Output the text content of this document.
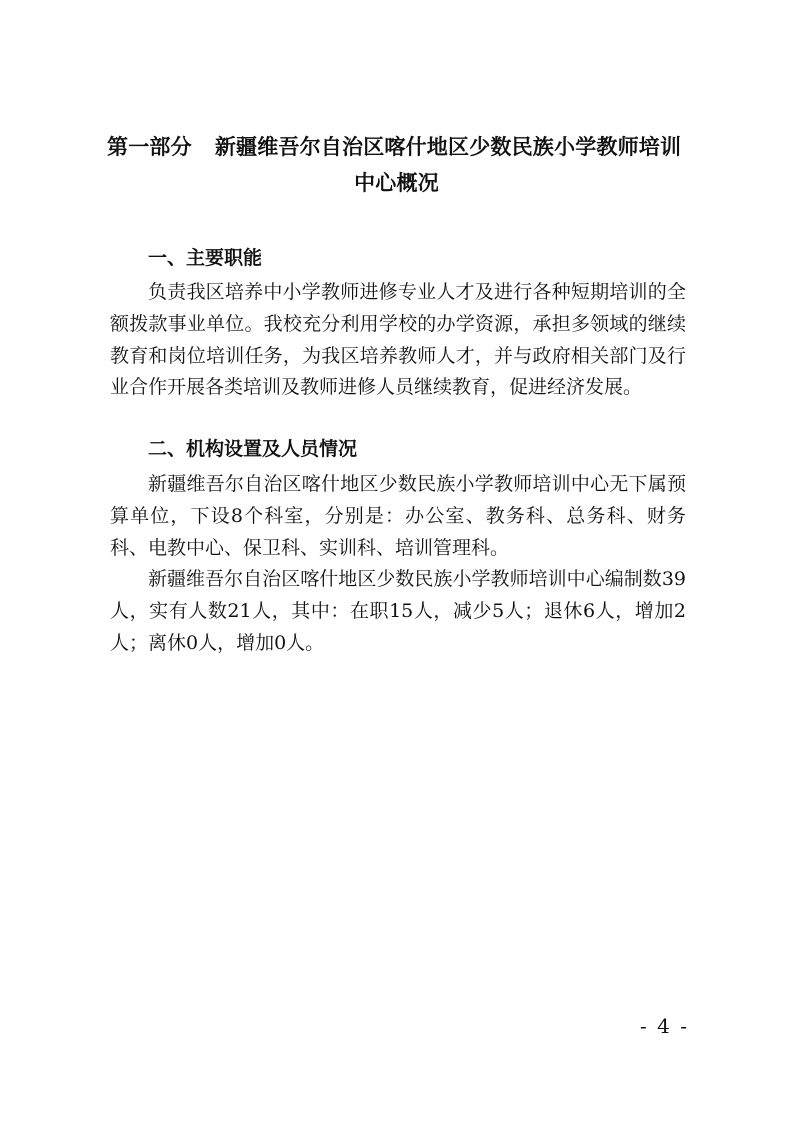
第一部分 新疆维吾尔自治区喀什地区少数民族小学教师培训
中心概况
一、主要职能

负责我区培养中小学教师进修专业人才及进行各种短期培训的全额拨款事业单位。我校充分利用学校的办学资源，承担多领域的继续教育和岗位培训任务，为我区培养教师人才，并与政府相关部门及行业合作开展各类培训及教师进修人员继续教育，促进经济发展。

二、机构设置及人员情况

新疆维吾尔自治区喀什地区少数民族小学教师培训中心无下属预算单位，下设8个科室，分别是：办公室、教务科、总务科、财务科、电教中心、保卫科、实训科、培训管理科。

新疆维吾尔自治区喀什地区少数民族小学教师培训中心编制数39人，实有人数21人，其中：在职15人，减少5人；退休6人，增加2人；离休0人，增加0人。

- 4 -
